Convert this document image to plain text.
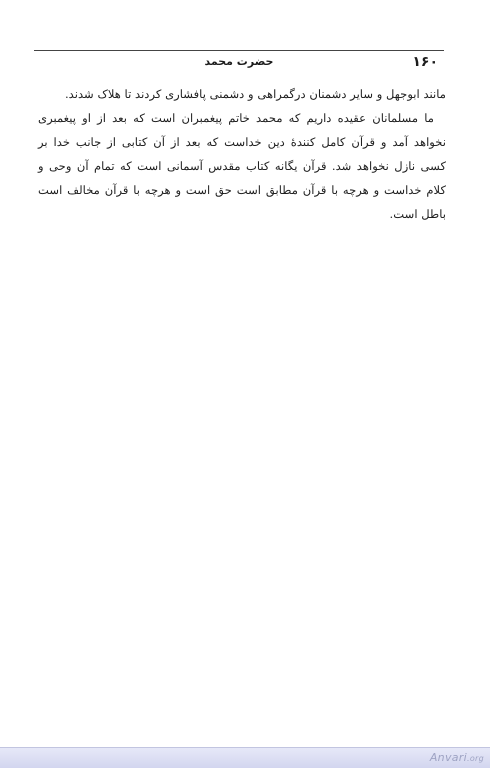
۱۶۰
حضرت محمد
مانند ابوجهل و سایر دشمنان درگمراهی و دشمنی پافشاری کردند تا هلاک شدند.
ما مسلمانان عقیده داریم که محمد خاتم پیغمبران است که بعد از او پیغمبری
نخواهد آمد و قرآن کامل کنندهٔ دین خداست که بعد از آن کتابی از جانب خدا بر
کسی نازل نخواهد شد. قرآن یگانه کتاب مقدس آسمانی است که تمام آن وحی و
کلام خداست و هرچه با قرآن مطابق است حق است و هرچه با قرآن مخالف است
باطل است.
Anvari.org
